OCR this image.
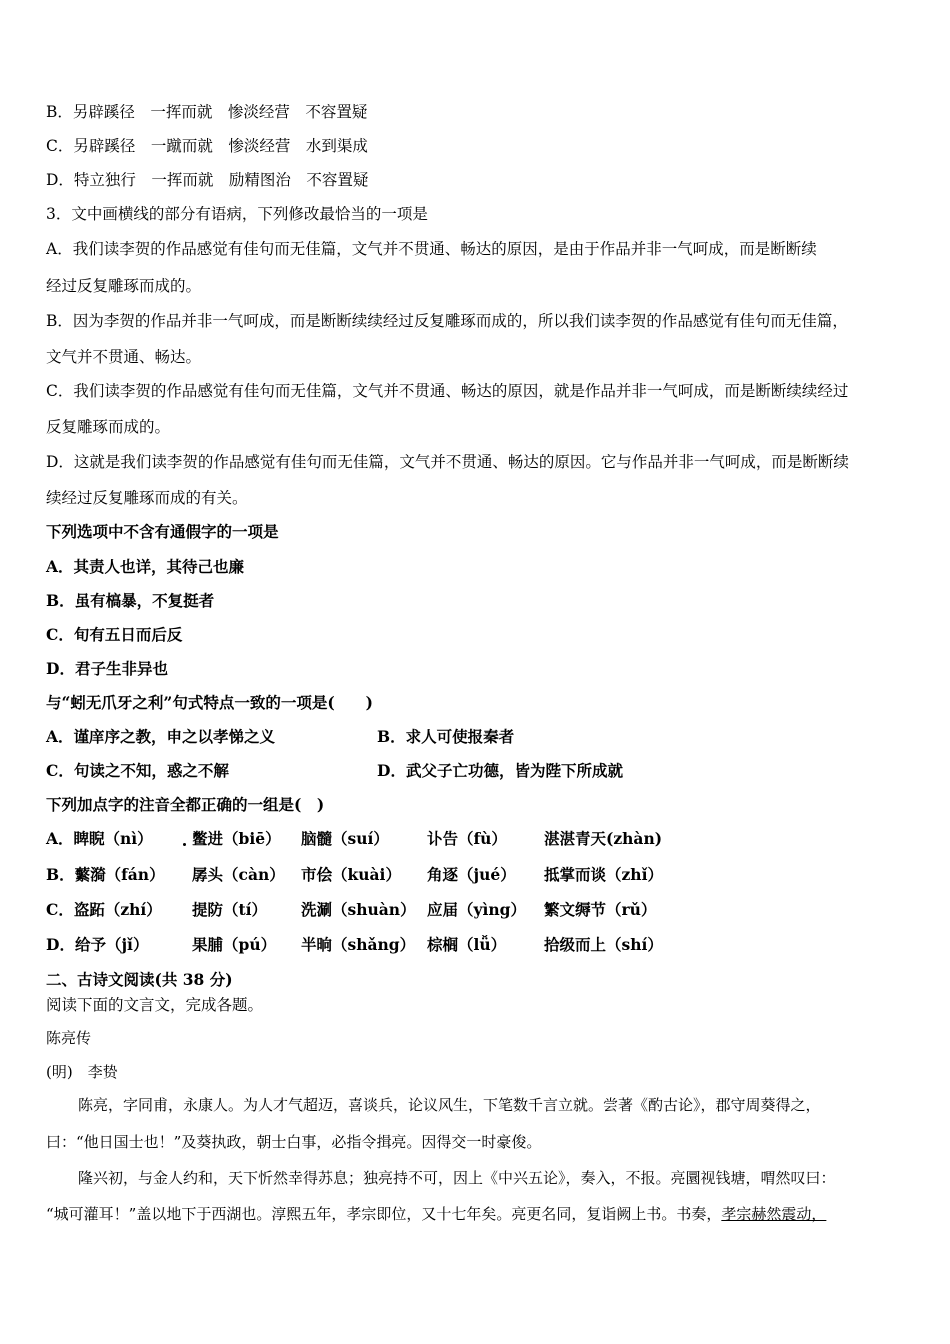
B．另辟蹊径　一挥而就　惨淡经营　不容置疑
C．另辟蹊径　一蹴而就　惨淡经营　水到渠成
D．特立独行　一挥而就　励精图治　不容置疑
3．文中画横线的部分有语病，下列修改最恰当的一项是
A．我们读李贺的作品感觉有佳句而无佳篇，文气并不贯通、畅达的原因，是由于作品并非一气呵成，而是断断续
经过反复雕琢而成的。
B．因为李贺的作品并非一气呵成，而是断断续续经过反复雕琢而成的，所以我们读李贺的作品感觉有佳句而无佳篇，
文气并不贯通、畅达。
C．我们读李贺的作品感觉有佳句而无佳篇，文气并不贯通、畅达的原因，就是作品并非一气呵成，而是断断续续经过
反复雕琢而成的。
D．这就是我们读李贺的作品感觉有佳句而无佳篇，文气并不贯通、畅达的原因。它与作品并非一气呵成，而是断断续
续经过反复雕琢而成的有关。
下列选项中不含有通假字的一项是
A．其责人也详，其待己也廉
B．虽有槁暴，不复挺者
C．旬有五日而后反
D．君子生非异也
与“蚓无爪牙之利”句式特点一致的一项是(　　)
A．谨庠序之教，申之以孝悌之义	B．求人可使报秦者
C．句读之不知，惑之不解	D．武父子亡功德，皆为陛下所成就
下列加点字的注音全都正确的一组是(　)
A．睥睨（nì）	鳖进（biē） 脑髓（suí） 讣告（fù） 湛湛青天(zhàn)
B．蘩漪（fán） 孱头（càn） 市侩（kuài） 角逐（jué） 抵掌而谈（zhǐ）
C．盗跖（zhí） 提防（tí） 洗涮（shuàn） 应届（yìng） 繁文缛节（rǔ）
D．给予（jǐ）	果脯（pú） 半晌（shǎng） 棕榈（lǚ） 拾级而上（shí）
二、古诗文阅读(共 38 分)
阅读下面的文言文，完成各题。
陈亮传
(明)　李贽
陈亮，字同甫，永康人。为人才气超迈，喜谈兵，论议风生，下笔数千言立就。尝著《酌古论》，郡守周葵得之，
曰：“他日国士也！”及葵执政，朝士白事，必指令揖亮。因得交一时豪俊。
隆兴初，与金人约和，天下忻然幸得苏息；独亮持不可，因上《中兴五论》，奏入，不报。亮圜视钱塘，喟然叹曰：
“城可灌耳！”盖以地下于西湖也。淳熙五年，孝宗即位，又十七年矣。亮更名同，复诣阙上书。书奏，孝宗赫然震动，
